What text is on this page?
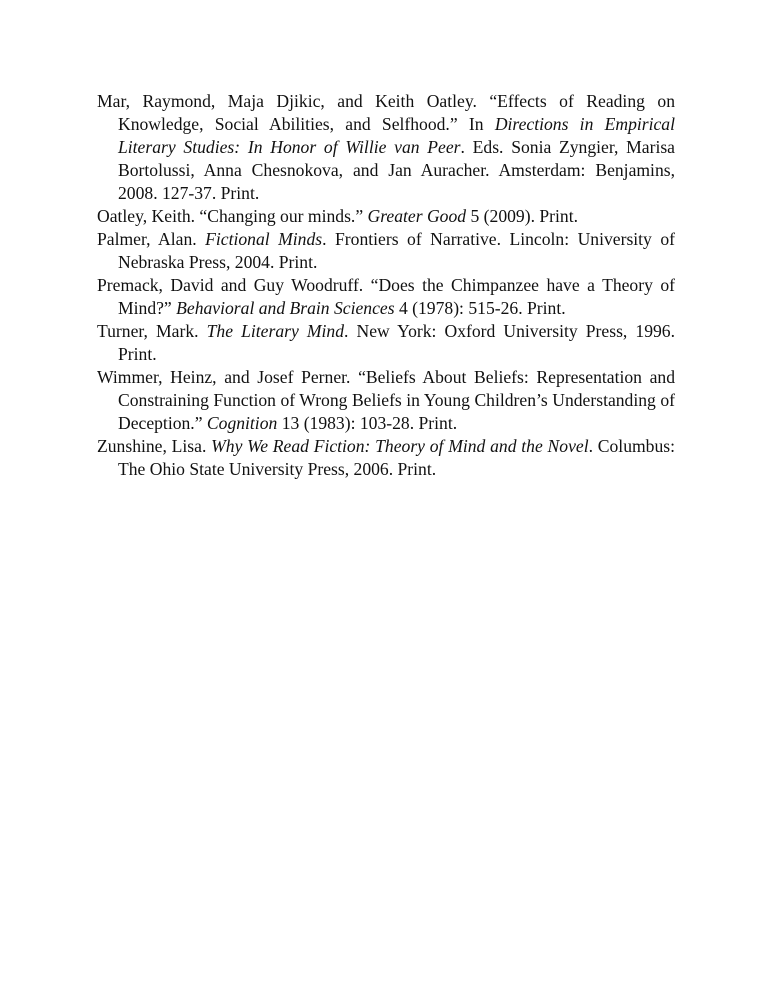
Mar, Raymond, Maja Djikic, and Keith Oatley. “Effects of Reading on Knowledge, Social Abilities, and Selfhood.” In Directions in Empirical Literary Studies: In Honor of Willie van Peer. Eds. Sonia Zyngier, Marisa Bortolussi, Anna Chesnokova, and Jan Auracher. Amsterdam: Benjamins, 2008. 127-37. Print.

Oatley, Keith. “Changing our minds.” Greater Good 5 (2009). Print.

Palmer, Alan. Fictional Minds. Frontiers of Narrative. Lincoln: University of Nebraska Press, 2004. Print.

Premack, David and Guy Woodruff. “Does the Chimpanzee have a Theory of Mind?” Behavioral and Brain Sciences 4 (1978): 515-26. Print.

Turner, Mark. The Literary Mind. New York: Oxford University Press, 1996. Print.

Wimmer, Heinz, and Josef Perner. “Beliefs About Beliefs: Representation and Constraining Function of Wrong Beliefs in Young Children’s Understanding of Deception.” Cognition 13 (1983): 103-28. Print.

Zunshine, Lisa. Why We Read Fiction: Theory of Mind and the Novel. Columbus: The Ohio State University Press, 2006. Print.
